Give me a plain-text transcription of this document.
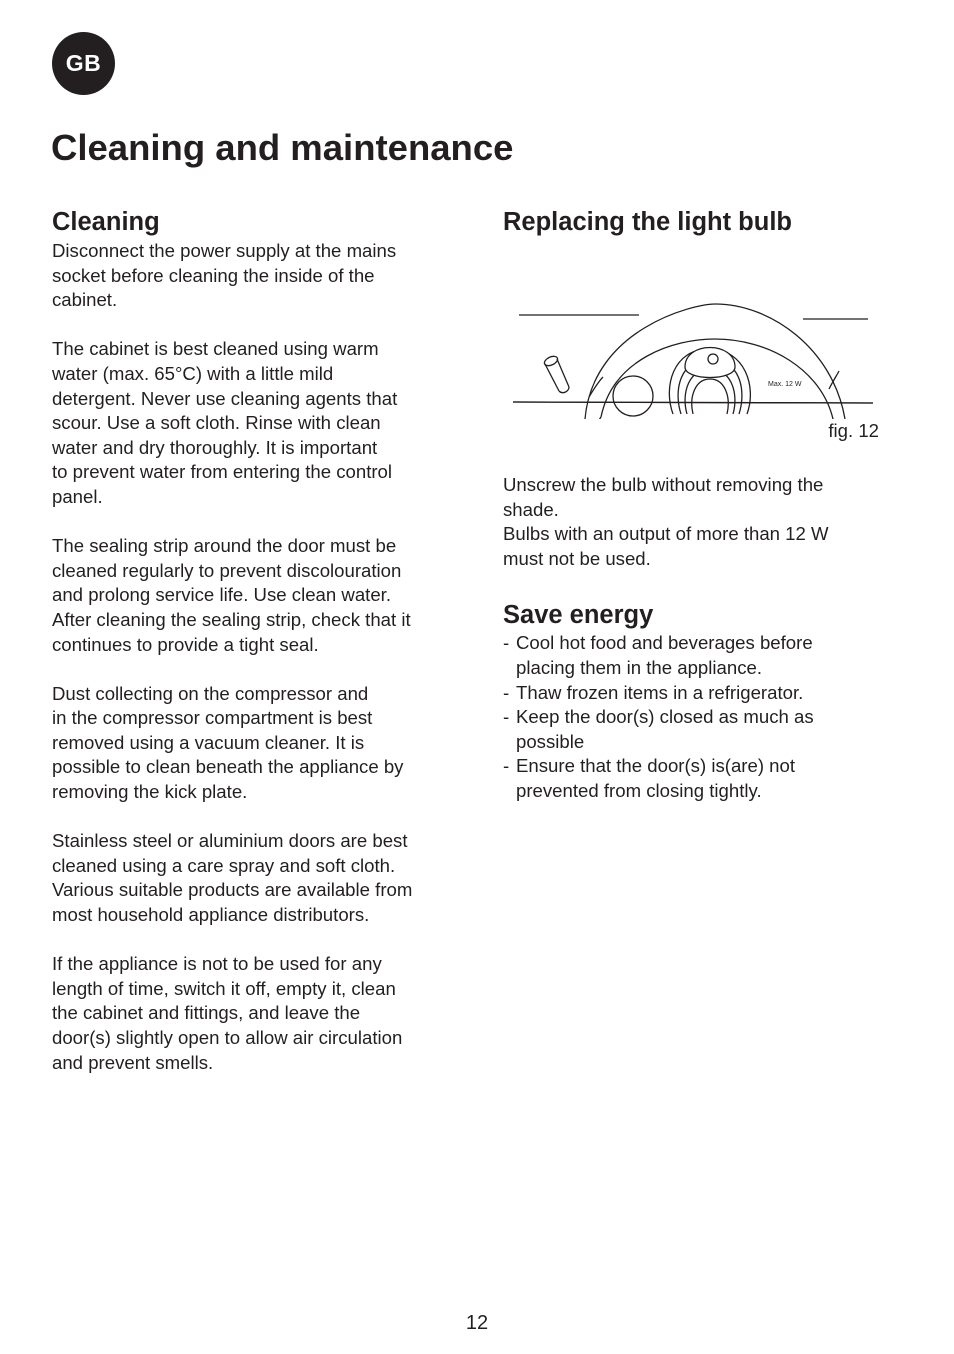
GB
Cleaning and maintenance
Cleaning

Disconnect the power supply at the mains
socket before cleaning the inside of the
cabinet.

The cabinet is best cleaned using warm
water (max. 65°C) with a little mild
detergent. Never use cleaning agents that
scour. Use a soft cloth. Rinse with clean
water and dry thoroughly. It is important
to prevent water from entering the control
panel.

The sealing strip around the door must be
cleaned regularly to prevent discolouration
and prolong service life. Use clean water.
After cleaning the sealing strip, check that it
continues to provide a tight seal.

Dust collecting on the compressor and
in the compressor compartment is best
removed using a vacuum cleaner. It is
possible to clean beneath the appliance by
removing the kick plate.

Stainless steel or aluminium doors are best
cleaned using a care spray and soft cloth.
Various suitable products are available from
most household appliance distributors.

If the appliance is not to be used for any
length of time, switch it off, empty it, clean
the cabinet and fittings, and leave the
door(s) slightly open to allow air circulation
and prevent smells.

Replacing the light bulb
Max. 12 W
fig. 12

Unscrew the bulb without removing the
shade.
Bulbs with an output of more than 12 W
must not be used.

Save energy
- Cool hot food and beverages before
placing them in the appliance.
- Thaw frozen items in a refrigerator.
- Keep the door(s) closed as much as
possible
- Ensure that the door(s) is(are) not
prevented from closing tightly.
12
